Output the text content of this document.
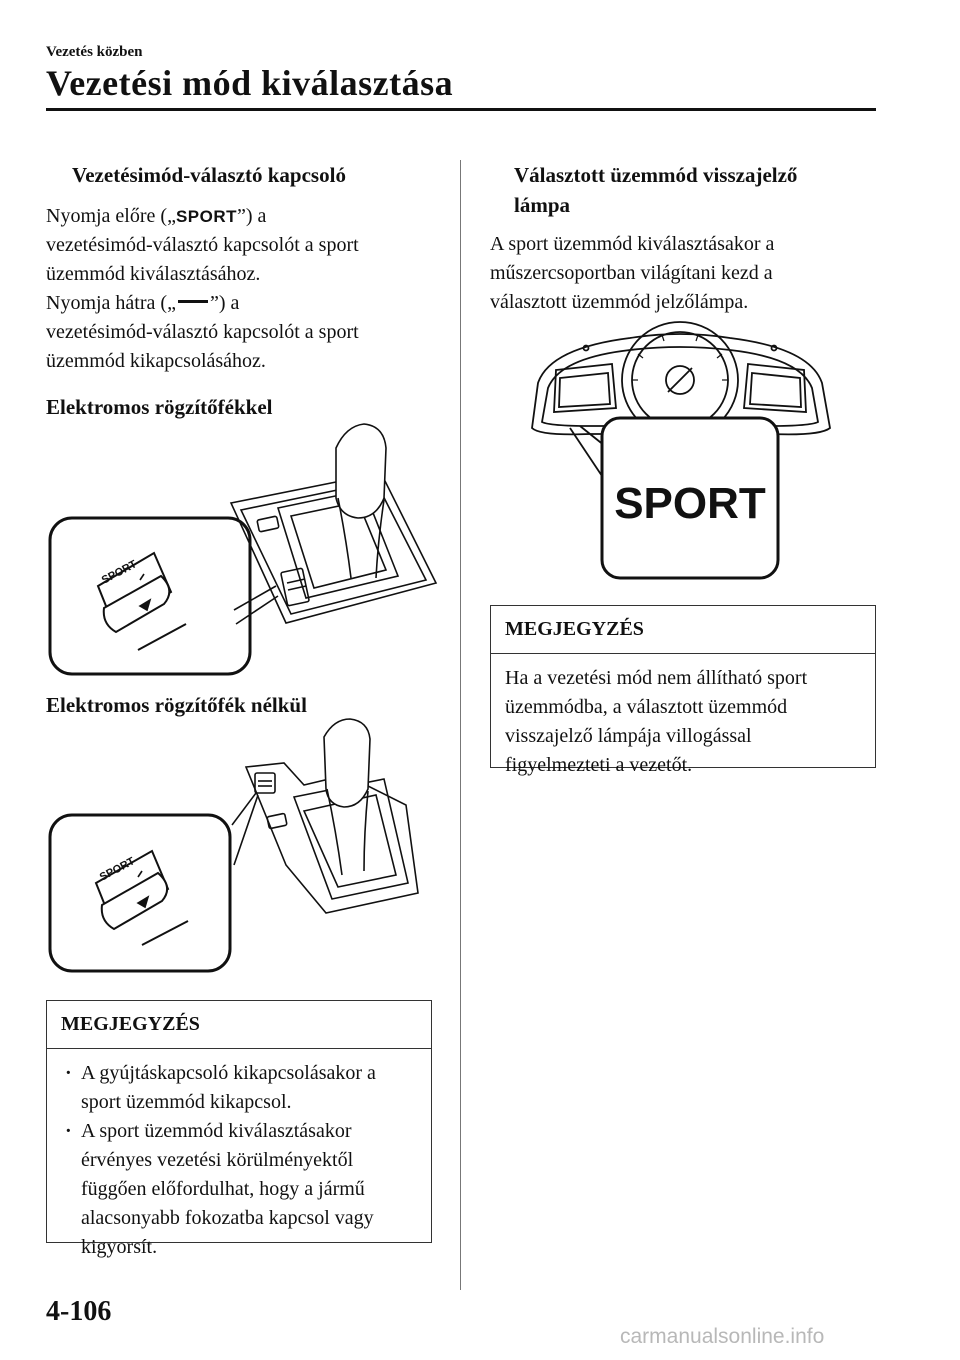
Vezetés közben
Vezetési mód kiválasztása
Vezetésimód-választó kapcsoló
Nyomja előre („SPORT”) a
vezetésimód-választó kapcsolót a sport
üzemmód kiválasztásához.
Nyomja hátra („ ”) a
vezetésimód-választó kapcsolót a sport
üzemmód kikapcsolásához.
Elektromos rögzítőfékkel
SPORT
Elektromos rögzítőfék nélkül
SPORT
MEGJEGYZÉS
· A gyújtáskapcsoló kikapcsolásakor a
sport üzemmód kikapcsol.
· A sport üzemmód kiválasztásakor
érvényes vezetési körülményektől
függően előfordulhat, hogy a jármű
alacsonyabb fokozatba kapcsol vagy
kigyorsít.
Választott üzemmód visszajelző
lámpa
A sport üzemmód kiválasztásakor a
műszercsoportban világítani kezd a
választott üzemmód jelzőlámpa.
SPORT
MEGJEGYZÉS
Ha a vezetési mód nem állítható sport
üzemmódba, a választott üzemmód
visszajelző lámpája villogással
figyelmezteti a vezetőt.
4-106
carmanualsonline.info
